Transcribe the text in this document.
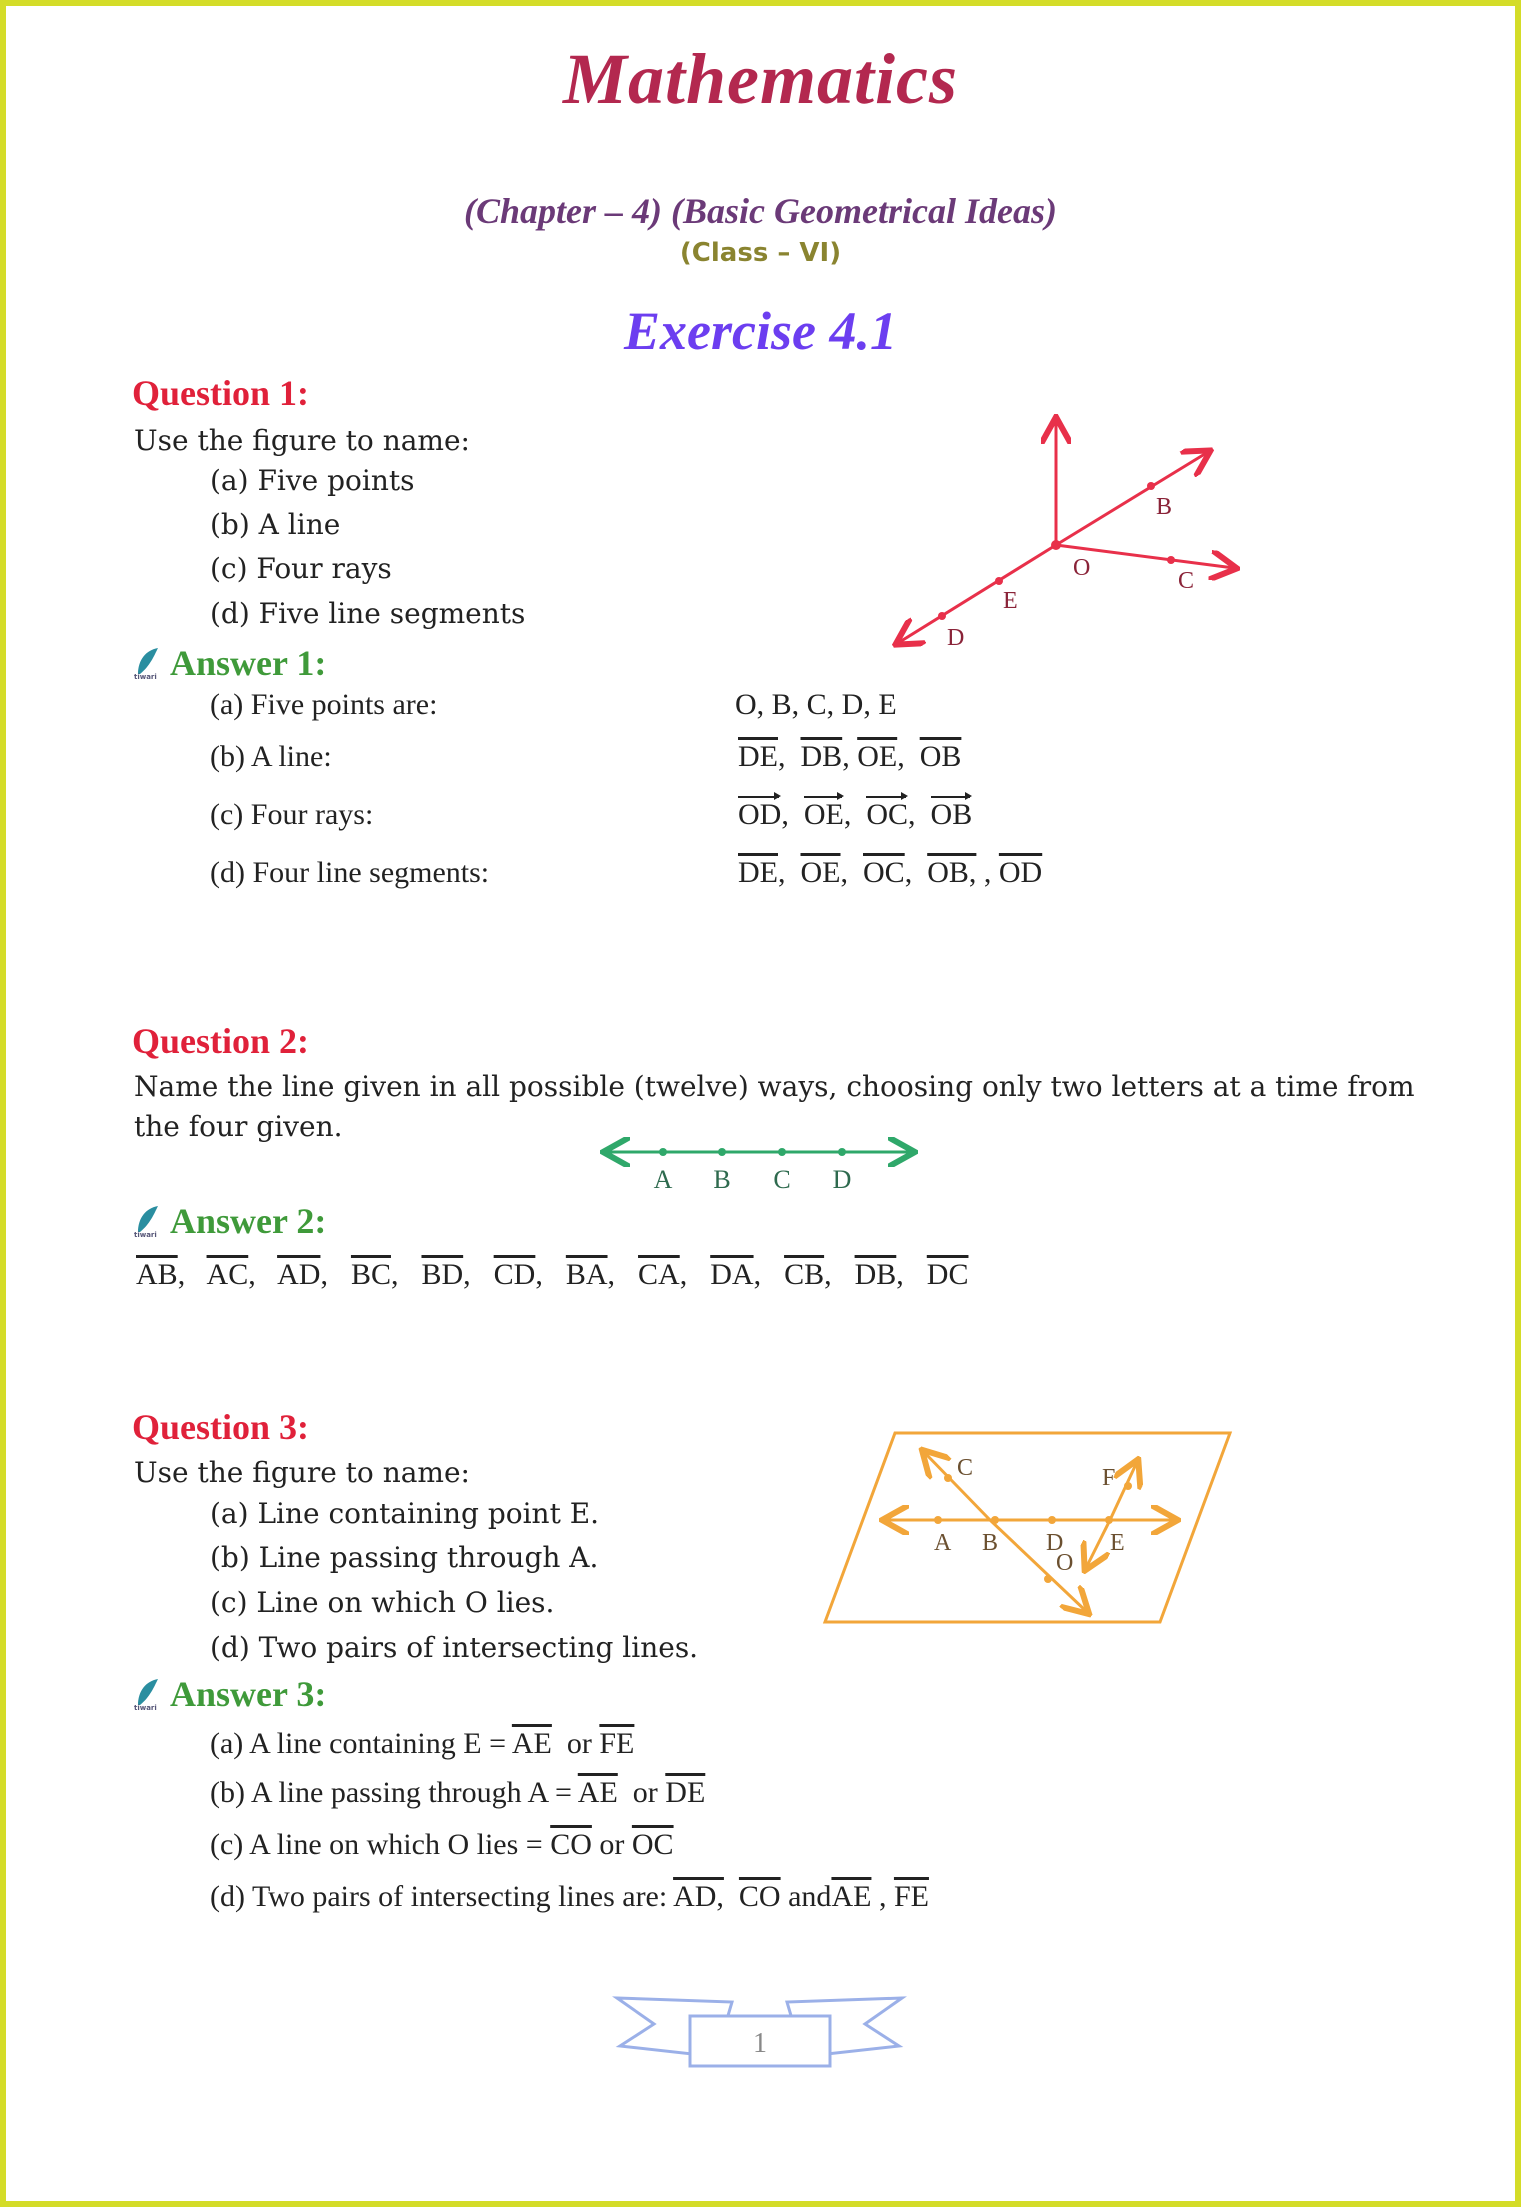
Mathematics
(Chapter – 4) (Basic Geometrical Ideas)
(Class – VI)
Exercise 4.1
Question 1:
Use the figure to name:
(a) Five points
(b) A line
(c) Four rays
(d) Five line segments
O
B
C
D
E
tiwari Answer 1:
(a) Five points are:	O, B, C, D, E
(b) A line:	$\overline{DE}$,  $\overline{DB}$, $\overline{OE}$,  $\overline{OB}$
(c) Four rays:	OD,  OE,  OC,  OB
(d) Four line segments:	$\overline{DE}$,  $\overline{OE}$,  $\overline{OC}$,  OB, , $\overline{OD}$
Question 2:
Name the line given in all possible (twelve) ways, choosing only two letters at a time from
the four given.
A B C D
tiwari Answer 2:
$\overline{AB}$,  $\overline{AC}$,  $\overline{AD}$,  $\overline{BC}$,  $\overline{BD}$,  $\overline{CD}$,  $\overline{BA}$,  $\overline{CA}$,  $\overline{DA}$,  $\overline{CB}$,  $\overline{DB}$,  $\overline{DC}$
Question 3:
Use the figure to name:
(a) Line containing point E.
(b) Line passing through A.
(c) Line on which O lies.
(d) Two pairs of intersecting lines.
A B
C
D E
F
O
tiwari Answer 3:
(a) A line containing $E = \overline{AE}$ or $\overline{FE}$
(b) A line passing through $A = \overline{AE}$ or $\overline{DE}$
(c) A line on which O lies = $\overline{CO}$ or $\overline{OC}$
(d) Two pairs of intersecting lines are: AD, $\overline{CO}$ $and\overline{AE}$ , $\overline{FE}$
1
